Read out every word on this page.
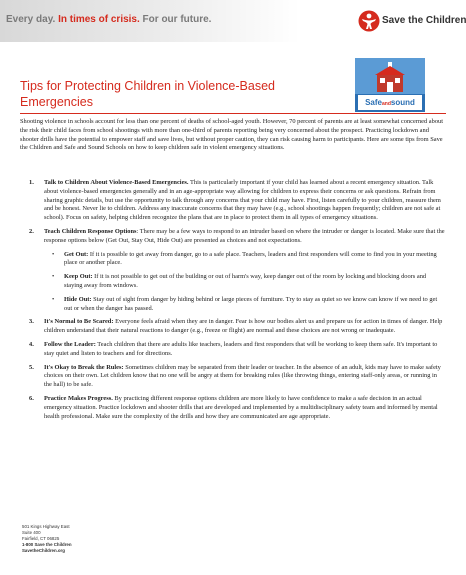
Every day. In times of crisis. For our future.	Save the Children
Tips for Protecting Children in Violence-Based Emergencies	Safeandsound

Shooting violence in schools account for less than one percent of deaths of school-aged youth. However, 70 percent of parents are at least somewhat concerned about the risk their child faces from school shootings with more than one-third of parents reporting being very concerned about the prospect. Practicing lockdown and shooter drills have the potential to empower staff and save lives, but without proper caution, they can risk causing harm to participants. Here are some tips from Save the Children and Safe and Sound Schools on how to keep children safe in violent emergency situations.

1. Talk to Children About Violence-Based Emergencies. This is particularly important if your child has learned about a recent emergency situation. Talk about violence-based emergencies generally and in an age-appropriate way allowing for children to express their concerns or ask questions. Refrain from sharing graphic details, but use the opportunity to talk through any concerns that your child may have. First, listen carefully to your children, reassure them and be honest. Never lie to children. Address any inaccurate concerns that they may have (e.g., school shootings happen frequently; children are not safe at school). Focus on safety, helping children recognize the plans that are in place to protect them in all types of emergency situations.
2. Teach Children Response Options: There may be a few ways to respond to an intruder based on where the intruder or danger is located. Make sure that the response options below (Get Out, Stay Out, Hide Out) are presented as choices and not expectations.
• Get Out: If it is possible to get away from danger, go to a safe place. Teachers, leaders and first responders will come to find you in your meeting place or another place.
• Keep Out: If it is not possible to get out of the building or out of harm's way, keep danger out of the room by locking and blocking doors and staying away from windows.
• Hide Out: Stay out of sight from danger by hiding behind or large pieces of furniture. Try to stay as quiet so we know can know if we need to get out or when the danger has passed.
3. It's Normal to Be Scared: Everyone feels afraid when they are in danger. Fear is how our bodies alert us and prepare us for action in times of danger. Help children understand that their natural reactions to danger (e.g., freeze or flight) are normal and these choices are not wrong or inadequate.
4. Follow the Leader: Teach children that there are adults like teachers, leaders and first responders that will be working to keep them safe. It's important to stay quiet and listen to teachers and for directions.
5. It's Okay to Break the Rules: Sometimes children may be separated from their leader or teacher. In the absence of an adult, kids may have to make safety choices on their own. Let children know that no one will be angry at them for breaking rules (like throwing things, entering staff-only areas, or running in the hall) to be safe.
6. Practice Makes Progress. By practicing different response options children are more likely to have confidence to make a safe decision in an actual emergency situation. Practice lockdown and shooter drills that are developed and implemented by a multidisciplinary safety team and informed by mental health professional. Make sure the complexity of the drills and how they are communicated are age appropriate.
501 Kings Highway East
Suite 400
Fairfield, CT 06825
1-800 Save the Children
SavetheChildren.org
